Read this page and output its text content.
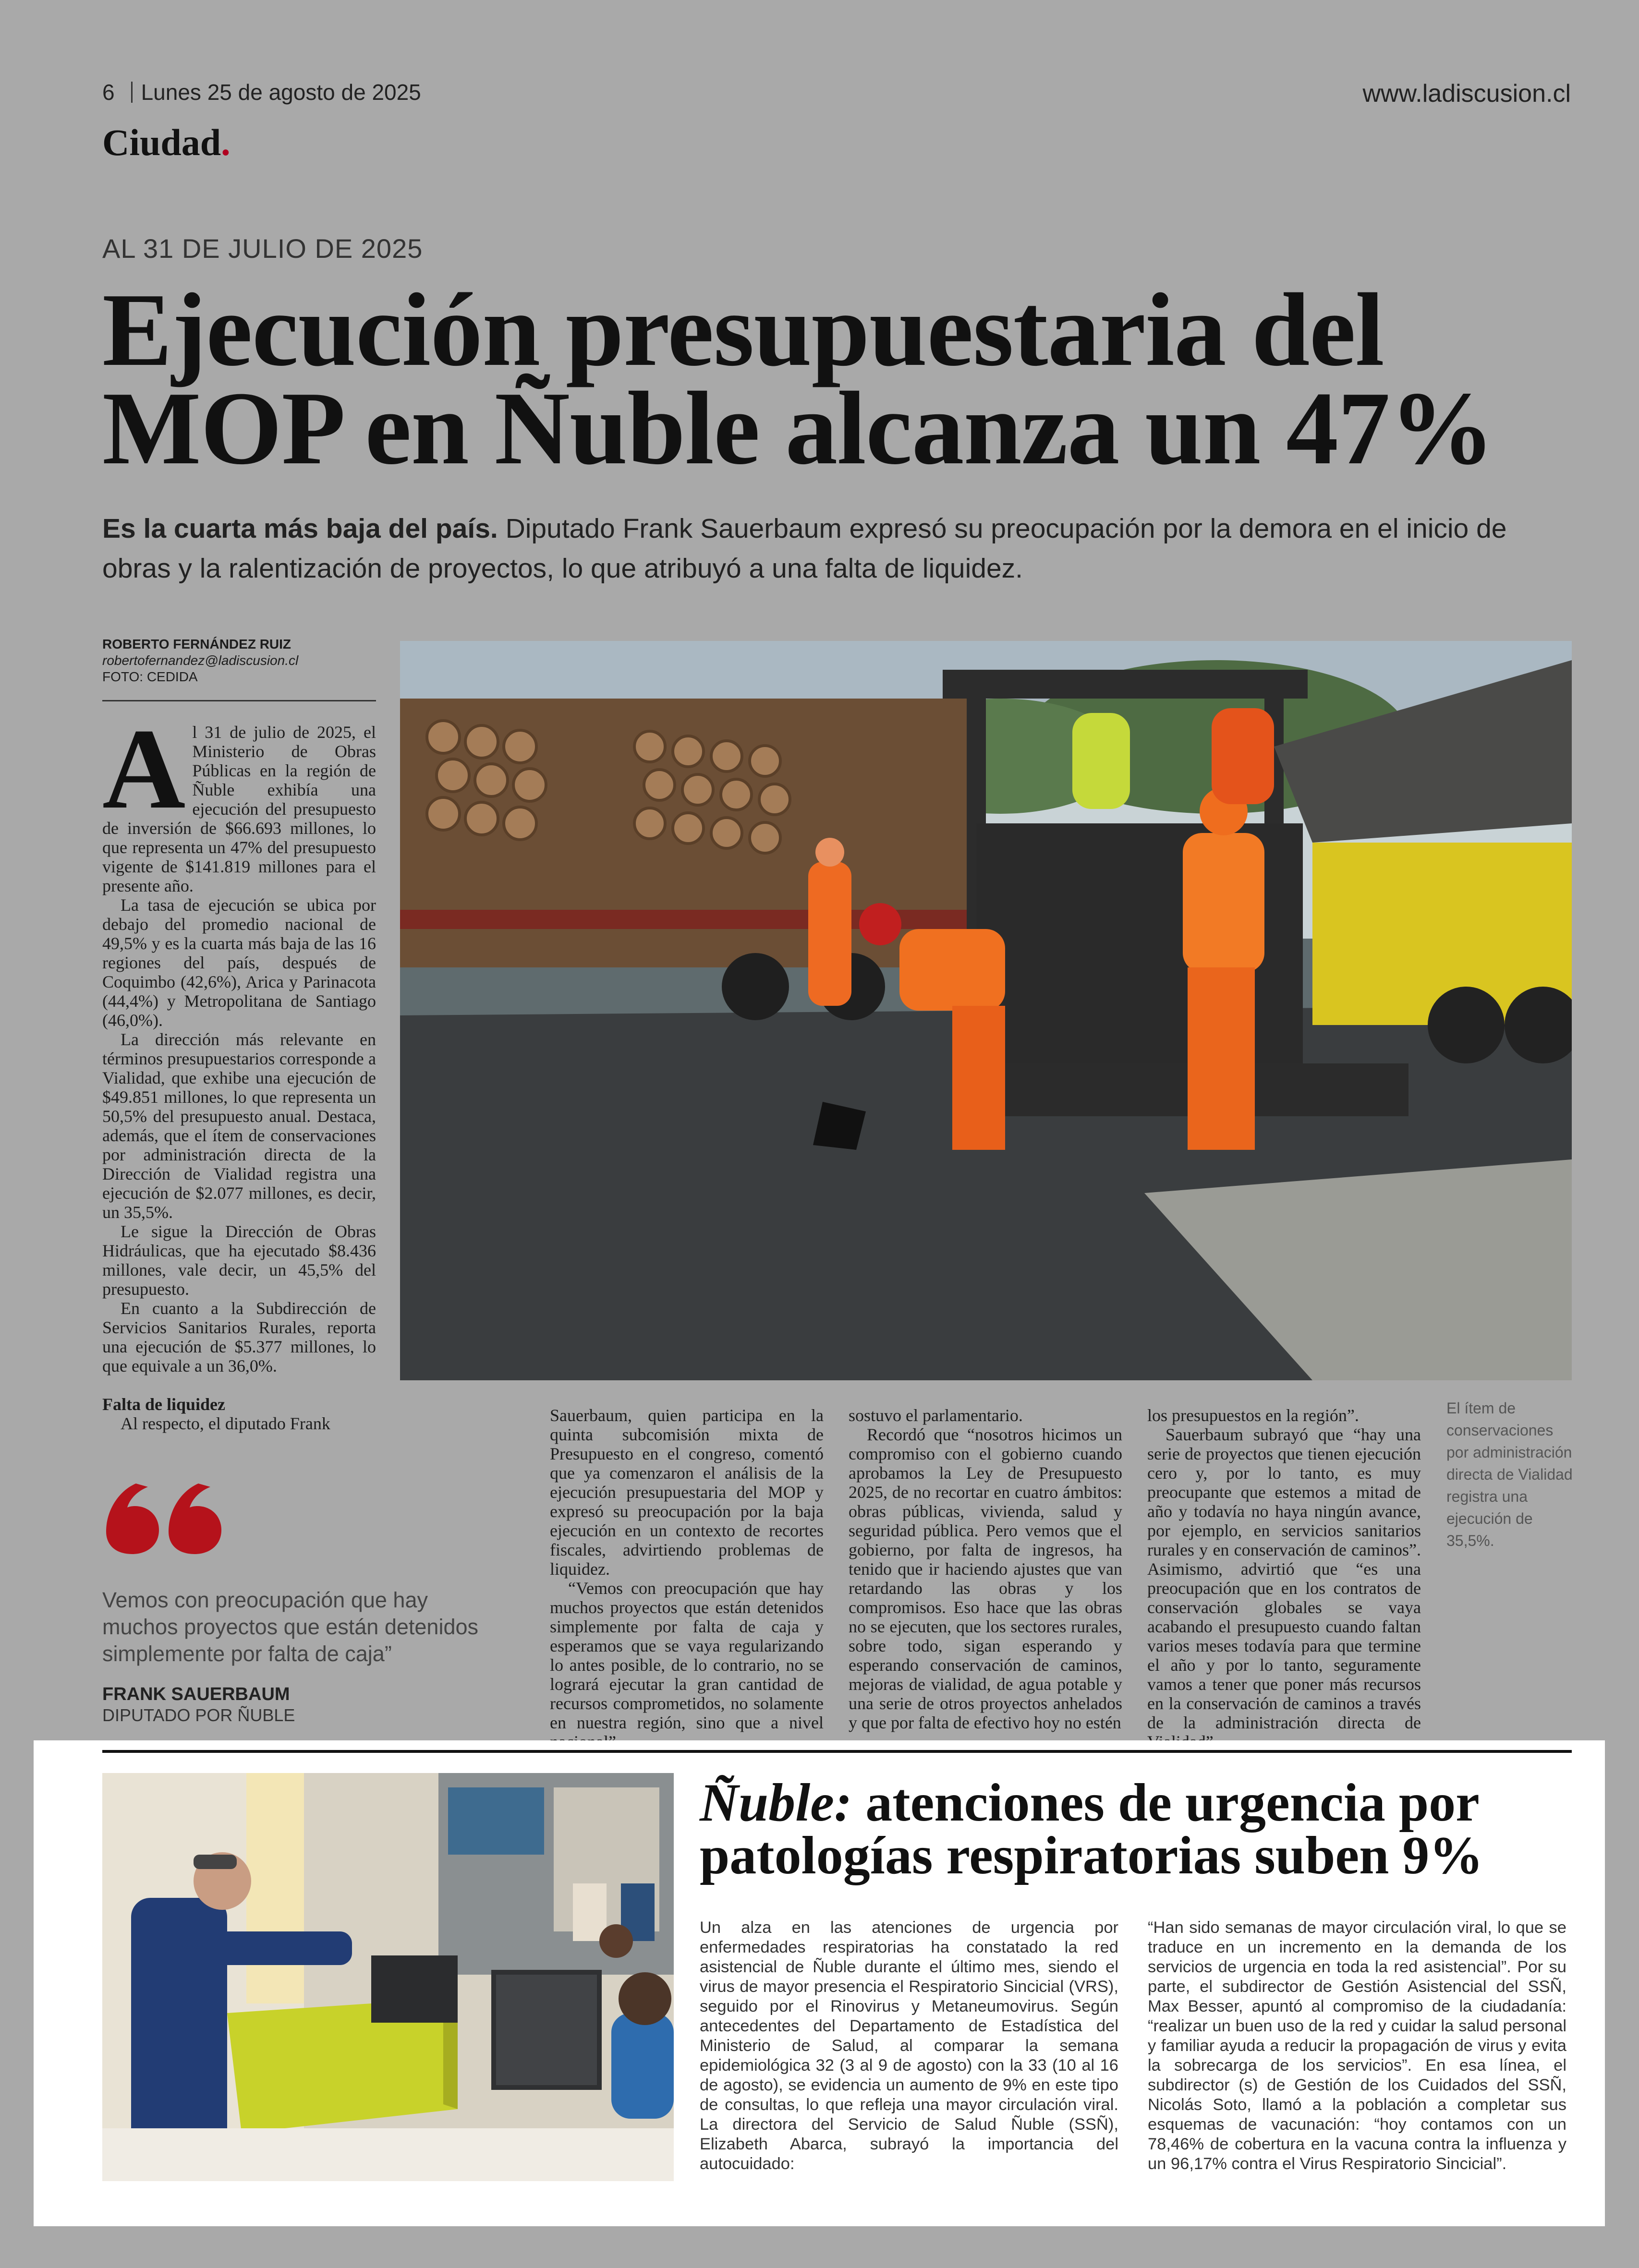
6 Lunes 25 de agosto de 2025	www.ladiscusion.cl
Ciudad.
AL 31 DE JULIO DE 2025
Ejecución presupuestaria del MOP en Ñuble alcanza un 47%

Es la cuarta más baja del país. Diputado Frank Sauerbaum expresó su preocupación por la demora en el inicio de obras y la ralentización de proyectos, lo que atribuyó a una falta de liquidez.

ROBERTO FERNÁNDEZ RUIZ
robertofernandez@ladiscusion.cl
FOTO: CEDIDA
A l 31 de julio de 2025, el Ministerio de Obras Públicas en la región de Ñuble exhibía una ejecución del presupuesto de inversión de $66.693 millones, lo que representa un 47% del presupuesto vigente de $141.819 millones para el presente año.

La tasa de ejecución se ubica por debajo del promedio nacional de 49,5% y es la cuarta más baja de las 16 regiones del país, después de Coquimbo (42,6%), Arica y Parinacota (44,4%) y Metropolitana de Santiago (46,0%).

La dirección más relevante en términos presupuestarios corresponde a Vialidad, que exhibe una ejecución de $49.851 millones, lo que representa un 50,5% del presupuesto anual. Destaca, además, que el ítem de conservaciones por administración directa de la Dirección de Vialidad registra una ejecución de $2.077 millones, es decir, un 35,5%.

Le sigue la Dirección de Obras Hidráulicas, que ha ejecutado $8.436 millones, vale decir, un 45,5% del presupuesto.

En cuanto a la Subdirección de Servicios Sanitarios Rurales, reporta una ejecución de $5.377 millones, lo que equivale a un 36,0%.

Falta de liquidez

Al respecto, el diputado Frank

Vemos con preocupación que hay muchos proyectos que están detenidos simplemente por falta de caja”

FRANK SAUERBAUM
DIPUTADO POR ÑUBLE

Sauerbaum, quien participa en la quinta subcomisión mixta de Presupuesto en el congreso, comentó que ya comenzaron el análisis de la ejecución presupuestaria del MOP y expresó su preocupación por la baja ejecución en un contexto de recortes fiscales, advirtiendo problemas de liquidez.

“Vemos con preocupación que hay muchos proyectos que están detenidos simplemente por falta de caja y esperamos que se vaya regularizando lo antes posible, de lo contrario, no se logrará ejecutar la gran cantidad de recursos comprometidos, no solamente en nuestra región, sino que a nivel

sostuvo el parlamentario.

Recordó que “nosotros hicimos un compromiso con el gobierno cuando aprobamos la Ley de Presupuesto 2025, de no recortar en cuatro ámbitos: obras públicas, vivienda, salud y seguridad pública. Pero vemos que el gobierno, por falta de ingresos, ha tenido que ir haciendo ajustes que van retardando las obras y los compromisos. Eso hace que las obras no se ejecuten, que los sectores rurales, sobre todo, sigan esperando y esperando conservación de caminos, mejoras de vialidad, de agua potable y una serie de otros proyectos anhelados y que por falta de efectivo hoy no estén

los presupuestos en la región”.

Sauerbaum subrayó que “hay una serie de proyectos que tienen ejecución cero y, por lo tanto, es muy preocupante que estemos a mitad de año y todavía no haya ningún avance, por ejemplo, en servicios sanitarios rurales y en conservación de caminos”. Asimismo, advirtió que “es una preocupación que en los contratos de conservación globales se vaya acabando el presupuesto cuando faltan varios meses todavía para que termine el año y por lo tanto, seguramente vamos a tener que poner más recursos en la conservación de caminos a través de la administración directa de

El ítem de conservaciones por administración directa de Vialidad registra una ejecución de 35,5%.
Ñuble: atenciones de urgencia por patologías respiratorias suben 9%

Un alza en las atenciones de urgencia por enfermedades respiratorias ha constatado la red asistencial de Ñuble durante el último mes, siendo el virus de mayor presencia el Respiratorio Sincicial (VRS), seguido por el Rinovirus y Metaneumovirus. Según antecedentes del Departamento de Estadística del Ministerio de Salud, al comparar la semana epidemiológica 32 (3 al 9 de agosto) con la 33 (10 al 16 de agosto), se evidencia un aumento de 9% en este tipo de consultas, lo que refleja una mayor circulación viral. La directora del Servicio de Salud Ñuble (SSÑ), Elizabeth Abarca, subrayó la importancia del autocuidado:

“Han sido semanas de mayor circulación viral, lo que se traduce en un incremento en la demanda de los servicios de urgencia en toda la red asistencial”. Por su parte, el subdirector de Gestión Asistencial del SSÑ, Max Besser, apuntó al compromiso de la ciudadanía: “realizar un buen uso de la red y cuidar la salud personal y familiar ayuda a reducir la propagación de virus y evita la sobrecarga de los servicios”. En esa línea, el subdirector (s) de Gestión de los Cuidados del SSÑ, Nicolás Soto, llamó a la población a completar sus esquemas de vacunación: “hoy contamos con un 78,46% de cobertura en la vacuna contra la influenza y un 96,17% contra el Virus Respiratorio Sincicial”.
